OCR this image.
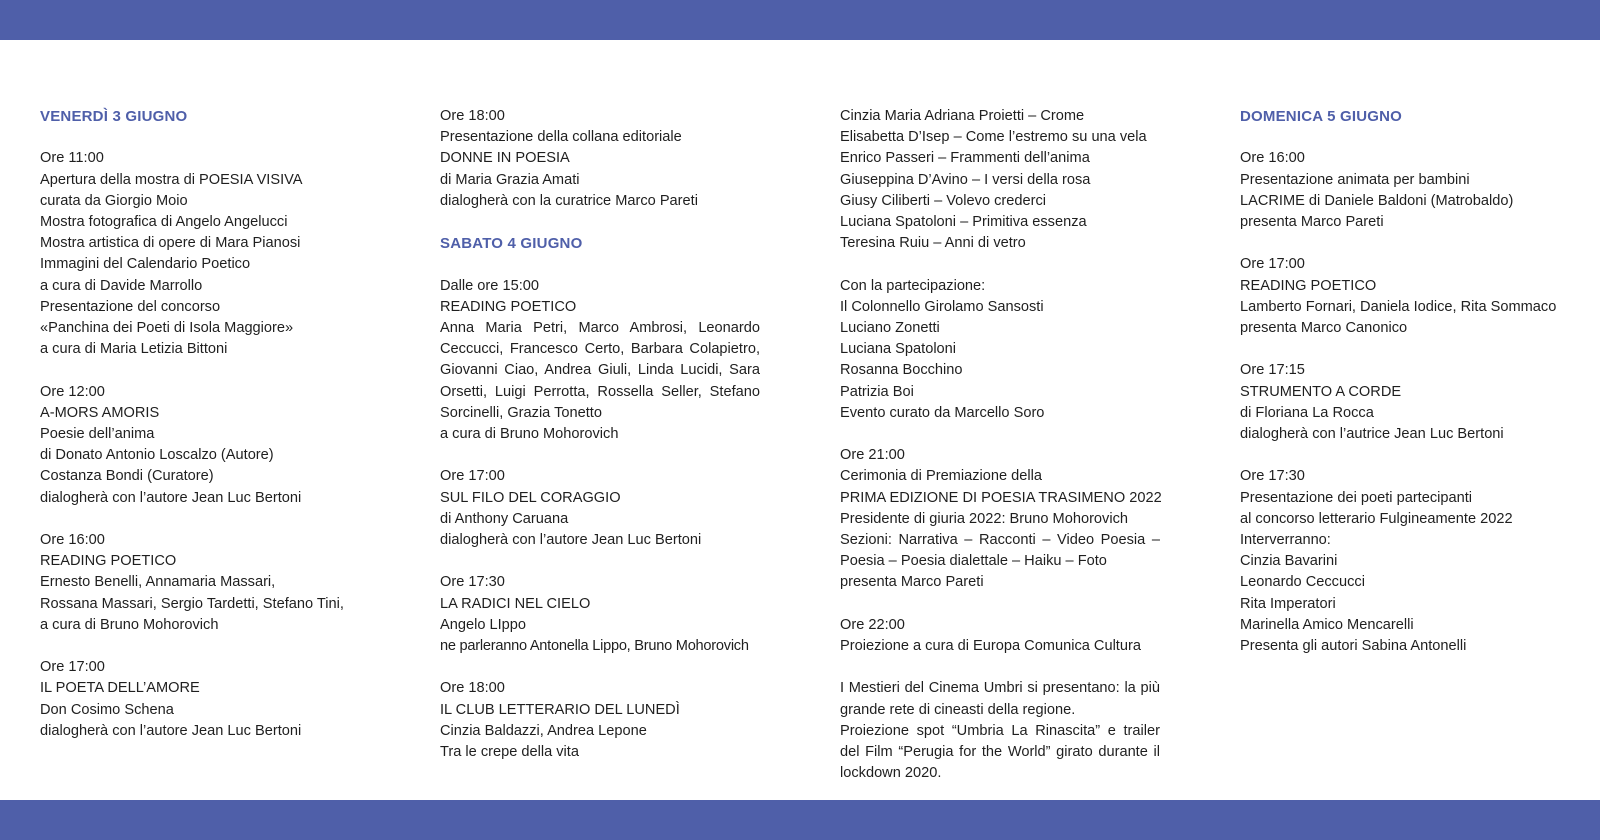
VENERDÌ 3 GIUGNO
Ore 11:00
Apertura della mostra di POESIA VISIVA
curata da Giorgio Moio
Mostra fotografica di Angelo Angelucci
Mostra artistica di opere di Mara Pianosi
Immagini del Calendario Poetico
a cura di Davide Marrollo
Presentazione del concorso
«Panchina dei Poeti di Isola Maggiore»
a cura di Maria Letizia Bittoni
Ore 12:00
A-MORS AMORIS
Poesie dell’anima
di Donato Antonio Loscalzo (Autore)
Costanza Bondi (Curatore)
dialogherà con l’autore Jean Luc Bertoni
Ore 16:00
READING POETICO
Ernesto Benelli, Annamaria Massari,
Rossana Massari, Sergio Tardetti, Stefano Tini,
a cura di Bruno Mohorovich
Ore 17:00
IL POETA DELL’AMORE
Don Cosimo Schena
dialogherà con l’autore Jean Luc Bertoni
Ore 18:00
Presentazione della collana editoriale
DONNE IN POESIA
di Maria Grazia Amati
dialogherà con la curatrice Marco Pareti
SABATO 4 GIUGNO
Dalle ore 15:00
READING POETICO
Anna Maria Petri, Marco Ambrosi, Leonardo
Ceccucci, Francesco Certo, Barbara Colapietro,
Giovanni Ciao, Andrea Giuli, Linda Lucidi, Sara
Orsetti, Luigi Perrotta, Rossella Seller, Stefano
Sorcinelli, Grazia Tonetto
a cura di Bruno Mohorovich
Ore 17:00
SUL FILO DEL CORAGGIO
di Anthony Caruana
dialogherà con l’autore Jean Luc Bertoni
Ore 17:30
LA RADICI NEL CIELO
Angelo LIppo
ne parleranno Antonella Lippo, Bruno Mohorovich
Ore 18:00
IL CLUB LETTERARIO DEL LUNEDÌ
Cinzia Baldazzi, Andrea Lepone
Tra le crepe della vita
Cinzia Maria Adriana Proietti – Crome
Elisabetta D’Isep – Come l’estremo su una vela
Enrico Passeri – Frammenti dell’anima
Giuseppina D’Avino – I versi della rosa
Giusy Ciliberti – Volevo crederci
Luciana Spatoloni – Primitiva essenza
Teresina Ruiu – Anni di vetro
Con la partecipazione:
Il Colonnello Girolamo Sansosti
Luciano Zonetti
Luciana Spatoloni
Rosanna Bocchino
Patrizia Boi
Evento curato da Marcello Soro
Ore 21:00
Cerimonia di Premiazione della
PRIMA EDIZIONE DI POESIA TRASIMENO 2022
Presidente di giuria 2022: Bruno Mohorovich
Sezioni: Narrativa – Racconti – Video Poesia –
Poesia – Poesia dialettale – Haiku – Foto
presenta Marco Pareti
Ore 22:00
Proiezione a cura di Europa Comunica Cultura
I Mestieri del Cinema Umbri si presentano: la più
grande rete di cineasti della regione.
Proiezione spot “Umbria La Rinascita” e trailer
del Film “Perugia for the World” girato durante il
lockdown 2020.
DOMENICA 5 GIUGNO
Ore 16:00
Presentazione animata per bambini
LACRIME di Daniele Baldoni (Matrobaldo)
presenta Marco Pareti
Ore 17:00
READING POETICO
Lamberto Fornari, Daniela Iodice, Rita Sommaco
presenta Marco Canonico
Ore 17:15
STRUMENTO A CORDE
di Floriana La Rocca
dialogherà con l’autrice Jean Luc Bertoni
Ore 17:30
Presentazione dei poeti partecipanti
al concorso letterario Fulgineamente 2022
Interverranno:
Cinzia Bavarini
Leonardo Ceccucci
Rita Imperatori
Marinella Amico Mencarelli
Presenta gli autori Sabina Antonelli
